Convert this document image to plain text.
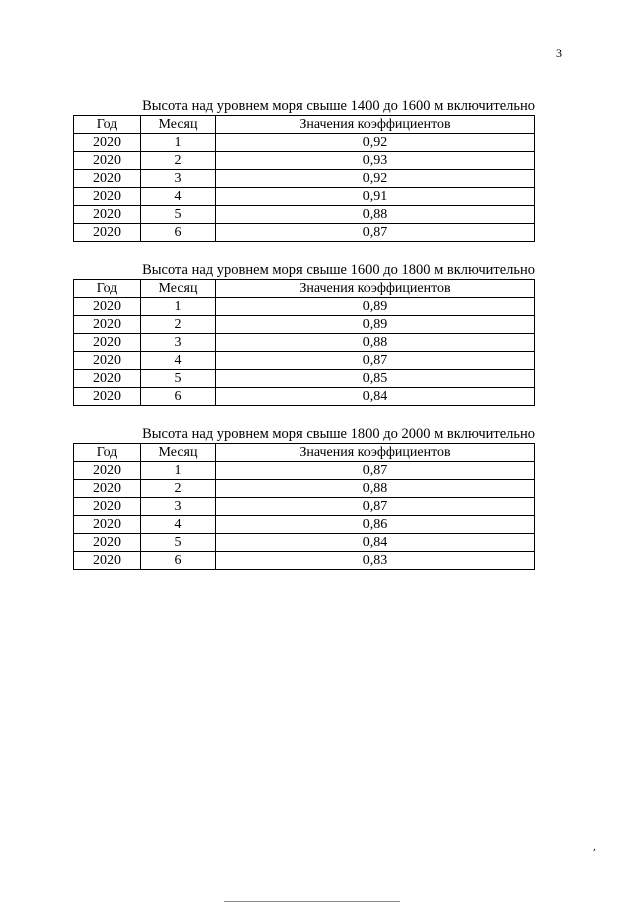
3
Высота над уровнем моря свыше 1400 до 1600 м включительно
Год	Месяц	Значения коэффициентов
2020	1	0,92
2020	2	0,93
2020	3	0,92
2020	4	0,91
2020	5	0,88
2020	6	0,87
Высота над уровнем моря свыше 1600 до 1800 м включительно
Год	Месяц	Значения коэффициентов
2020	1	0,89
2020	2	0,89
2020	3	0,88
2020	4	0,87
2020	5	0,85
2020	6	0,84
Высота над уровнем моря свыше 1800 до 2000 м включительно
Год	Месяц	Значения коэффициентов
2020	1	0,87
2020	2	0,88
2020	3	0,87
2020	4	0,86
2020	5	0,84
2020	6	0,83
,
